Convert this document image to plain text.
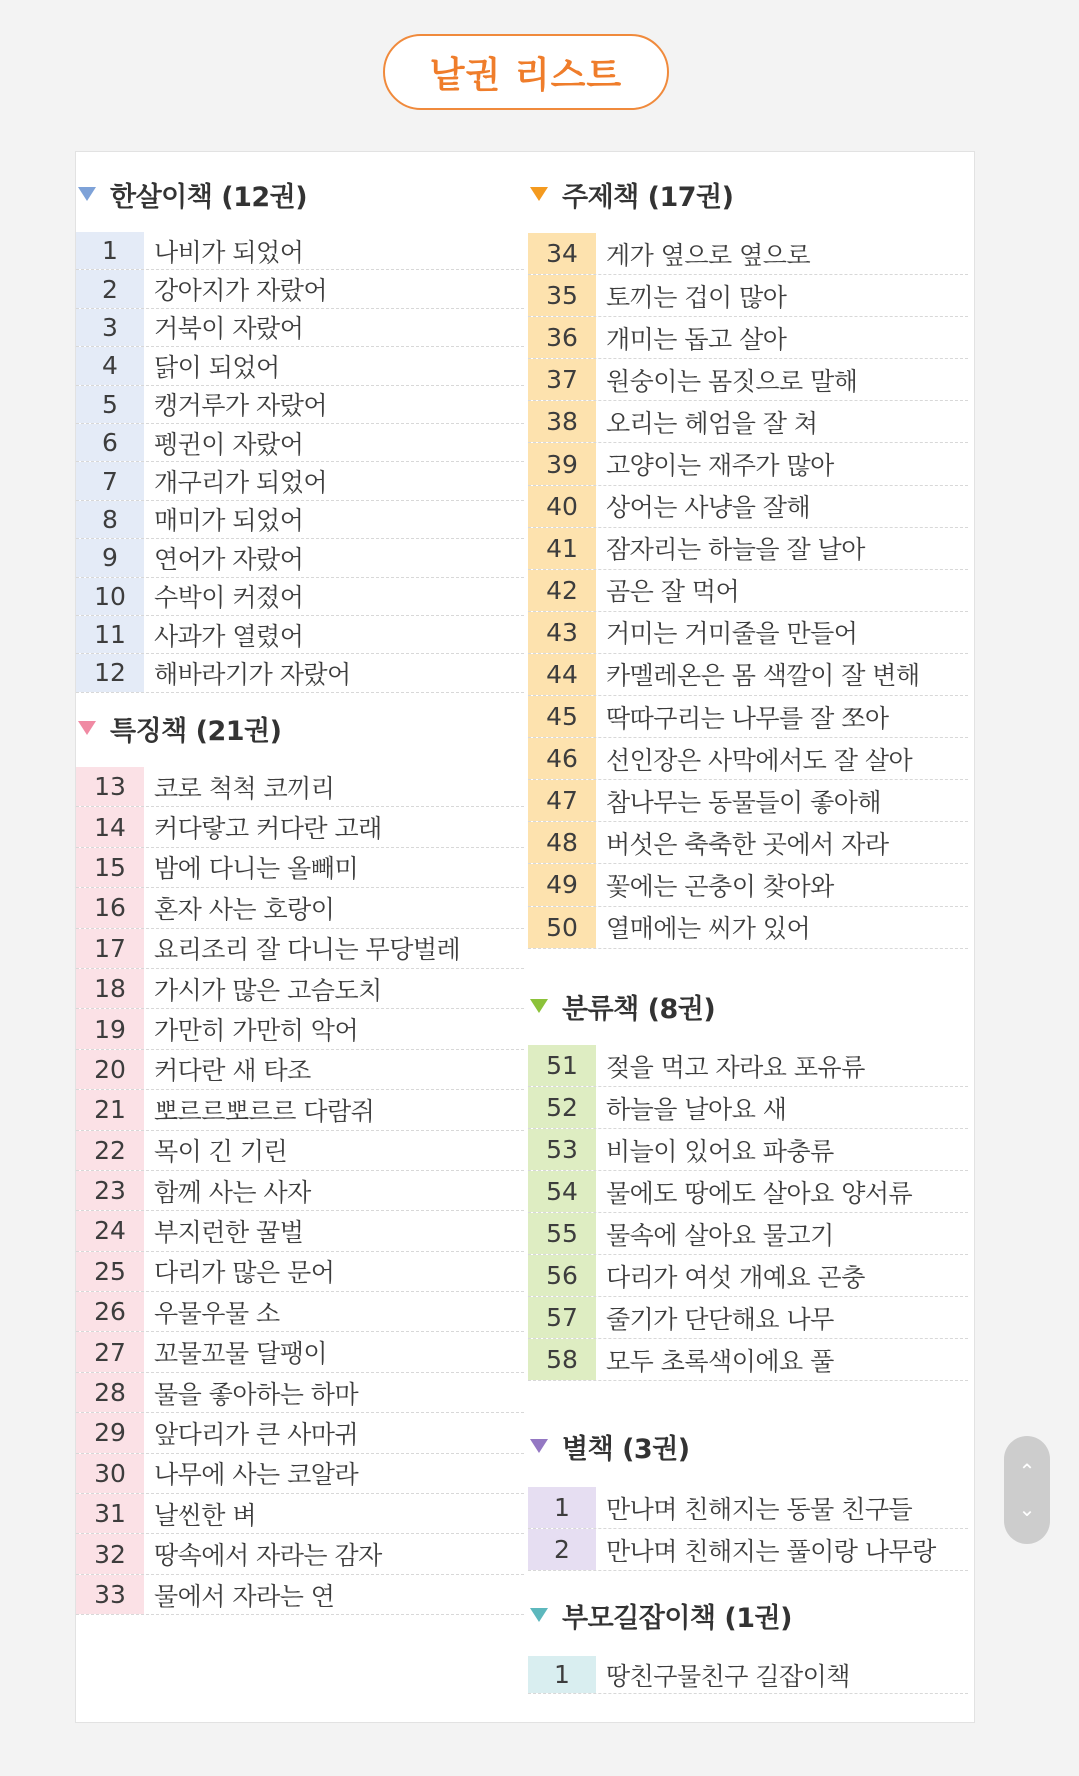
낱권 리스트
한살이책 (12권)
1	나비가 되었어
2	강아지가 자랐어
3	거북이 자랐어
4	닭이 되었어
5	캥거루가 자랐어
6	펭귄이 자랐어
7	개구리가 되었어
8	매미가 되었어
9	연어가 자랐어
10	수박이 커졌어
11	사과가 열렸어
12	해바라기가 자랐어
특징책 (21권)
13	코로 척척 코끼리
14	커다랗고 커다란 고래
15	밤에 다니는 올빼미
16	혼자 사는 호랑이
17	요리조리 잘 다니는 무당벌레
18	가시가 많은 고슴도치
19	가만히 가만히 악어
20	커다란 새 타조
21	뽀르르뽀르르 다람쥐
22	목이 긴 기린
23	함께 사는 사자
24	부지런한 꿀벌
25	다리가 많은 문어
26	우물우물 소
27	꼬물꼬물 달팽이
28	물을 좋아하는 하마
29	앞다리가 큰 사마귀
30	나무에 사는 코알라
31	날씬한 벼
32	땅속에서 자라는 감자
33	물에서 자라는 연
주제책 (17권)
34	게가 옆으로 옆으로
35	토끼는 겁이 많아
36	개미는 돕고 살아
37	원숭이는 몸짓으로 말해
38	오리는 헤엄을 잘 쳐
39	고양이는 재주가 많아
40	상어는 사냥을 잘해
41	잠자리는 하늘을 잘 날아
42	곰은 잘 먹어
43	거미는 거미줄을 만들어
44	카멜레온은 몸 색깔이 잘 변해
45	딱따구리는 나무를 잘 쪼아
46	선인장은 사막에서도 잘 살아
47	참나무는 동물들이 좋아해
48	버섯은 축축한 곳에서 자라
49	꽃에는 곤충이 찾아와
50	열매에는 씨가 있어
분류책 (8권)
51	젖을 먹고 자라요 포유류
52	하늘을 날아요 새
53	비늘이 있어요 파충류
54	물에도 땅에도 살아요 양서류
55	물속에 살아요 물고기
56	다리가 여섯 개예요 곤충
57	줄기가 단단해요 나무
58	모두 초록색이에요 풀
별책 (3권)
1	만나며 친해지는 동물 친구들
2	만나며 친해지는 풀이랑 나무랑
부모길잡이책 (1권)
1	땅친구물친구 길잡이책
⌃
⌄
